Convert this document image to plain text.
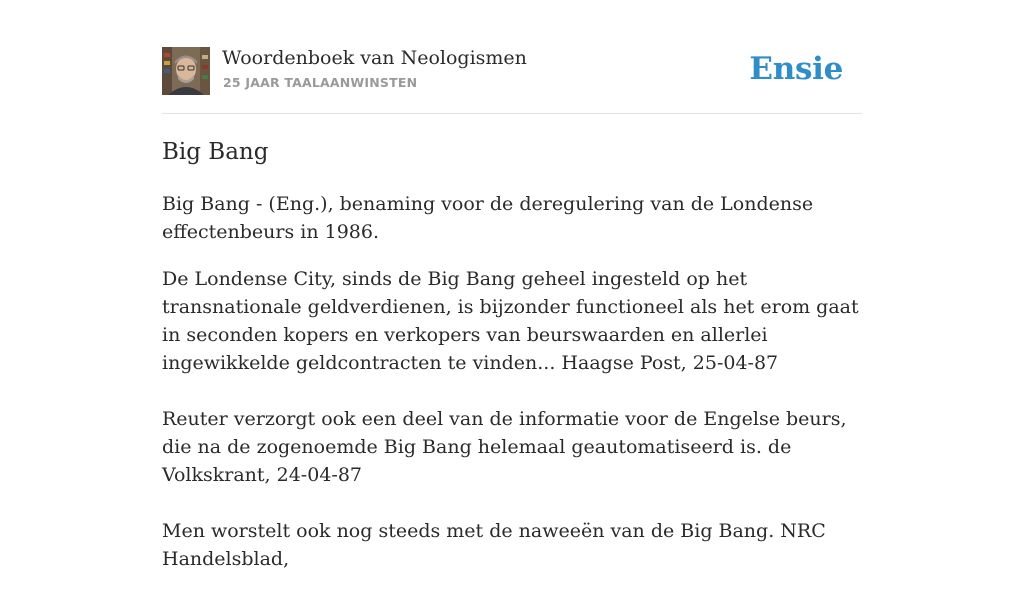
Woordenboek van Neologismen
25 JAAR TAALAANWINSTEN	Ensie
Big Bang

Big Bang - (Eng.), benaming voor de deregulering van de Londense effectenbeurs in 1986.

De Londense City, sinds de Big Bang geheel ingesteld op het transnationale geldverdienen, is bijzonder functioneel als het erom gaat in seconden kopers en verkopers van beurswaarden en allerlei ingewikkelde geldcontracten te vinden... Haagse Post, 25-04-87

Reuter verzorgt ook een deel van de informatie voor de Engelse beurs, die na de zogenoemde Big Bang helemaal geautomatiseerd is. de Volkskrant, 24-04-87

Men worstelt ook nog steeds met de naweeën van de Big Bang. NRC Handelsblad,
